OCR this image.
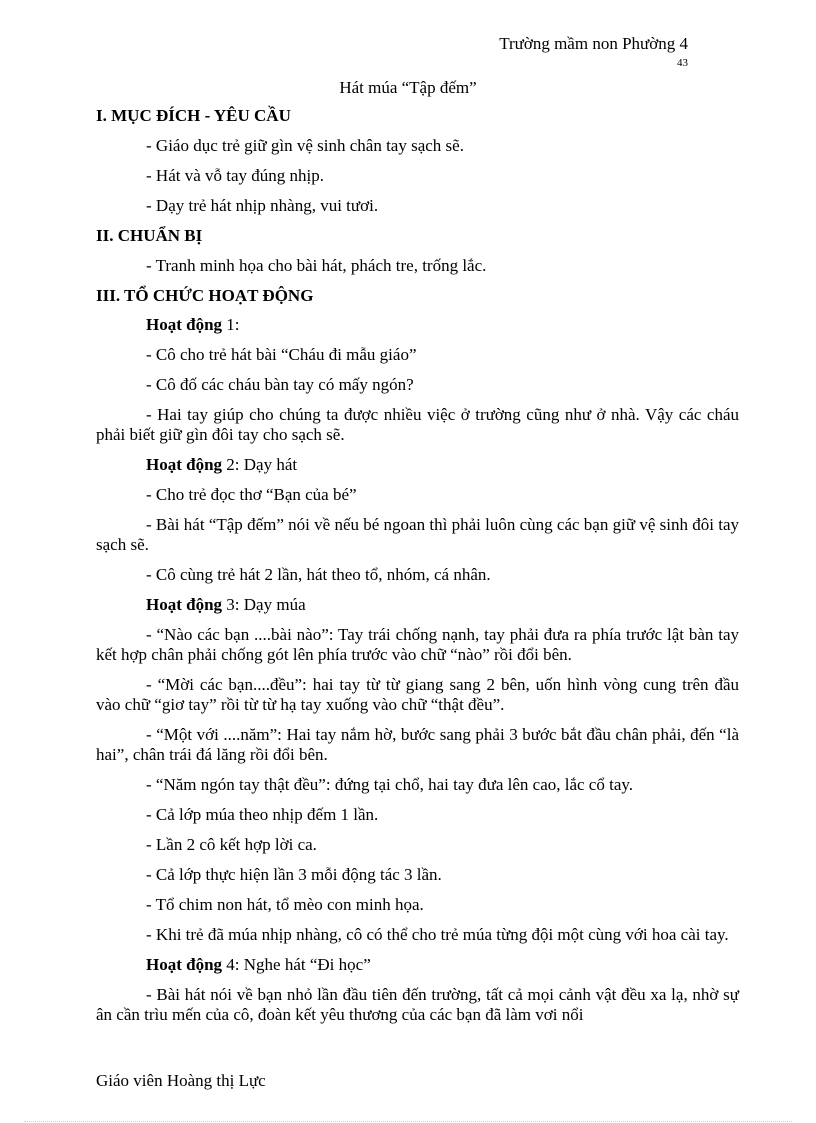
Trường mầm non Phường 4
43
Hát múa “Tập đếm”
I. MỤC ĐÍCH - YÊU CẦU
- Giáo dục trẻ giữ gìn vệ sinh chân tay sạch sẽ.
- Hát và vỗ tay đúng nhịp.
- Dạy trẻ hát nhịp nhàng, vui tươi.
II. CHUẨN BỊ
- Tranh minh họa cho bài hát, phách tre, trống lắc.
III. TỔ CHỨC HOẠT ĐỘNG
Hoạt động 1:
- Cô cho trẻ hát bài “Cháu đi mẫu giáo”
- Cô đố các cháu bàn tay có mấy ngón?
- Hai tay giúp cho chúng ta được nhiều việc ở trường cũng như ở nhà. Vậy các cháu phải biết giữ gìn đôi tay cho sạch sẽ.
Hoạt động 2: Dạy hát
- Cho trẻ đọc thơ “Bạn của bé”
- Bài hát “Tập đếm” nói về nếu bé ngoan thì phải luôn cùng các bạn giữ vệ sinh đôi tay sạch sẽ.
- Cô cùng trẻ hát 2 lần, hát theo tổ, nhóm, cá nhân.
Hoạt động 3: Dạy múa
- “Nào các bạn ....bài nào”: Tay trái chống nạnh, tay phải đưa ra phía trước lật bàn tay kết hợp chân phải chống gót lên phía trước vào chữ “nào” rồi đổi bên.
- “Mời các bạn....đều”: hai tay từ từ giang sang 2 bên, uốn hình vòng cung trên đầu vào chữ “giơ tay” rồi từ từ hạ tay xuống vào chữ “thật đều”.
- “Một với ....năm”: Hai tay nắm hờ, bước sang phải 3 bước bắt đầu chân phải, đến “là hai”, chân trái đá lăng rồi đổi bên.
- “Năm ngón tay thật đều”: đứng tại chổ, hai tay đưa lên cao, lắc cổ tay.
- Cả lớp múa theo nhịp đếm 1 lần.
- Lần 2 cô kết hợp lời ca.
- Cả lớp thực hiện lần 3 mỗi động tác 3 lần.
- Tổ chim non hát, tổ mèo con minh họa.
- Khi trẻ đã múa nhịp nhàng, cô có thể cho trẻ múa từng đội một cùng với hoa cài tay.
Hoạt động 4: Nghe hát “Đi học”
- Bài hát nói về bạn nhỏ lần đầu tiên đến trường, tất cả mọi cảnh vật đều xa lạ, nhờ sự ân cần trìu mến của cô, đoàn kết yêu thương của các bạn đã làm vơi nổi
Giáo viên Hoàng thị Lực
